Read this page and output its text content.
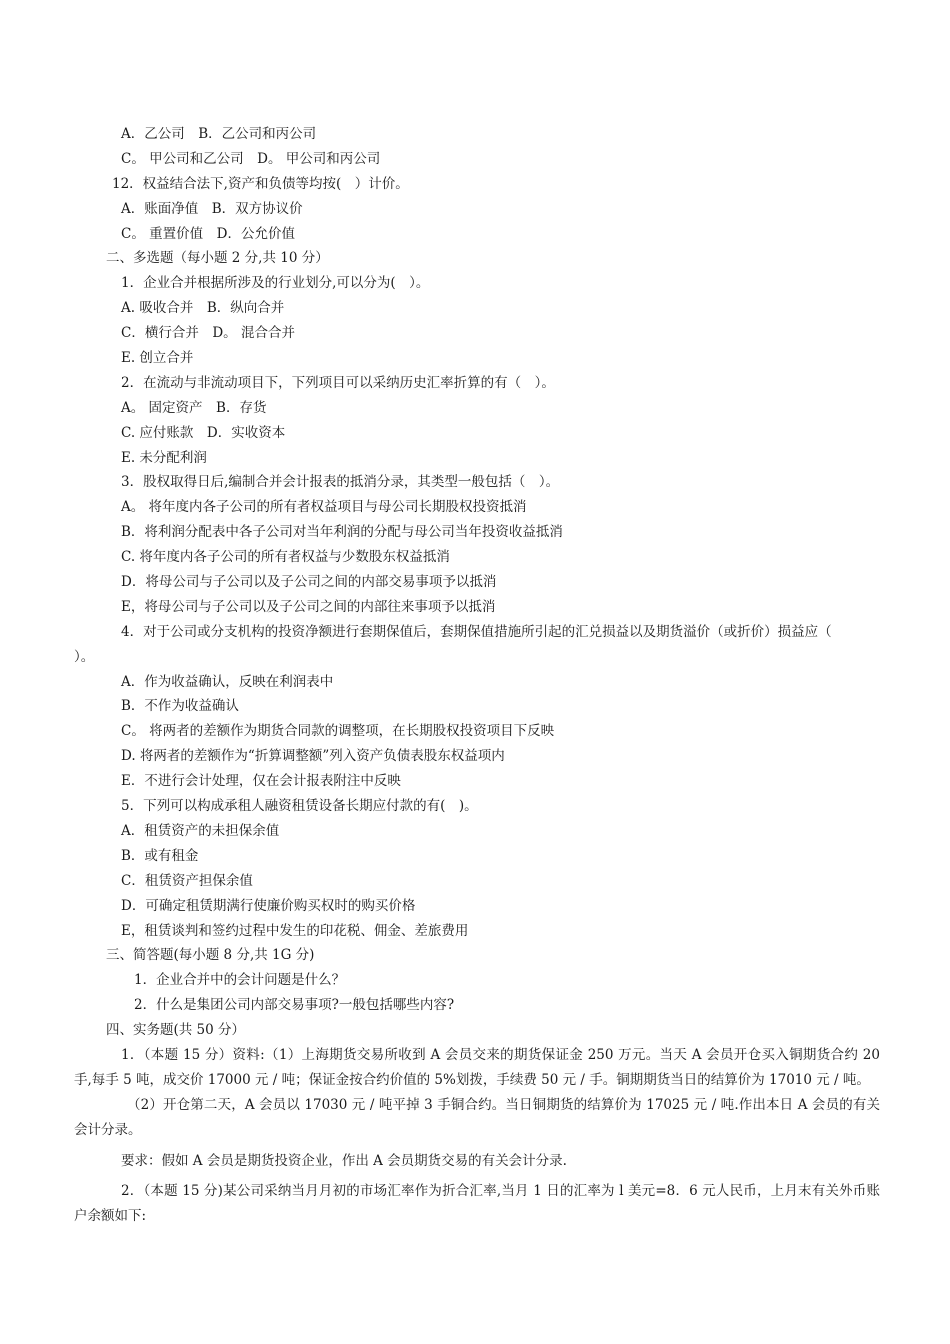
A．乙公司　B．乙公司和丙公司
C。 甲公司和乙公司　D。 甲公司和丙公司
12．权益结合法下,资产和负债等均按(　）计价。
A．账面净值　B．双方协议价
C。 重置价值　D．公允价值
二、多选题（每小题 2 分,共 10 分）
1．企业合并根据所涉及的行业划分,可以分为(　）。
A. 吸收合并　B．纵向合并
C．横行合并　D。 混合合并
E. 创立合并
2．在流动与非流动项目下，下列项目可以采纳历史汇率折算的有（　）。
A。 固定资产　B．存货
C. 应付账款　D．实收资本
E. 未分配利润
3．股权取得日后,编制合并会计报表的抵消分录，其类型一般包括（　）。
A。 将年度内各子公司的所有者权益项目与母公司长期股权投资抵消
B．将利润分配表中各子公司对当年利润的分配与母公司当年投资收益抵消
C. 将年度内各子公司的所有者权益与少数股东权益抵消
D．将母公司与子公司以及子公司之间的内部交易事项予以抵消
E，将母公司与子公司以及子公司之间的内部往来事项予以抵消
4．对于公司或分支机构的投资净额进行套期保值后，套期保值措施所引起的汇兑损益以及期货溢价（或折价）损益应（
）。
A．作为收益确认，反映在利润表中
B．不作为收益确认
C。 将两者的差额作为期货合同款的调整项，在长期股权投资项目下反映
D. 将两者的差额作为“折算调整额”列入资产负债表股东权益项内
E．不进行会计处理，仅在会计报表附注中反映
5．下列可以构成承租人融资租赁设备长期应付款的有(　)。
A．租赁资产的未担保余值
B．或有租金
C．租赁资产担保余值
D．可确定租赁期满行使廉价购买权时的购买价格
E，租赁谈判和签约过程中发生的印花税、佣金、差旅费用
三、简答题(每小题 8 分,共 1G 分)
1．企业合并中的会计问题是什么？
2．什么是集团公司内部交易事项?一般包括哪些内容?
四、实务题(共 50 分）
1．（本题 15 分）资料:（1）上海期货交易所收到 A 会员交来的期货保证金 250 万元。当天 A 会员开仓买入铜期货合约 20 手,每手 5 吨，成交价 17000 元 / 吨；保证金按合约价值的 5%划拨，手续费 50 元 / 手。铜期期货当日的结算价为 17010 元 / 吨。
（2）开仓第二天，A 会员以 17030 元 / 吨平掉 3 手铜合约。当日铜期货的结算价为 17025 元 / 吨.作出本日 A 会员的有关会计分录。
要求：假如 A 会员是期货投资企业，作出 A 会员期货交易的有关会计分录.
2．（本题 15 分)某公司采纳当月月初的市场汇率作为折合汇率,当月 1 日的汇率为 l 美元=8．6 元人民币，上月末有关外币账户余额如下:
